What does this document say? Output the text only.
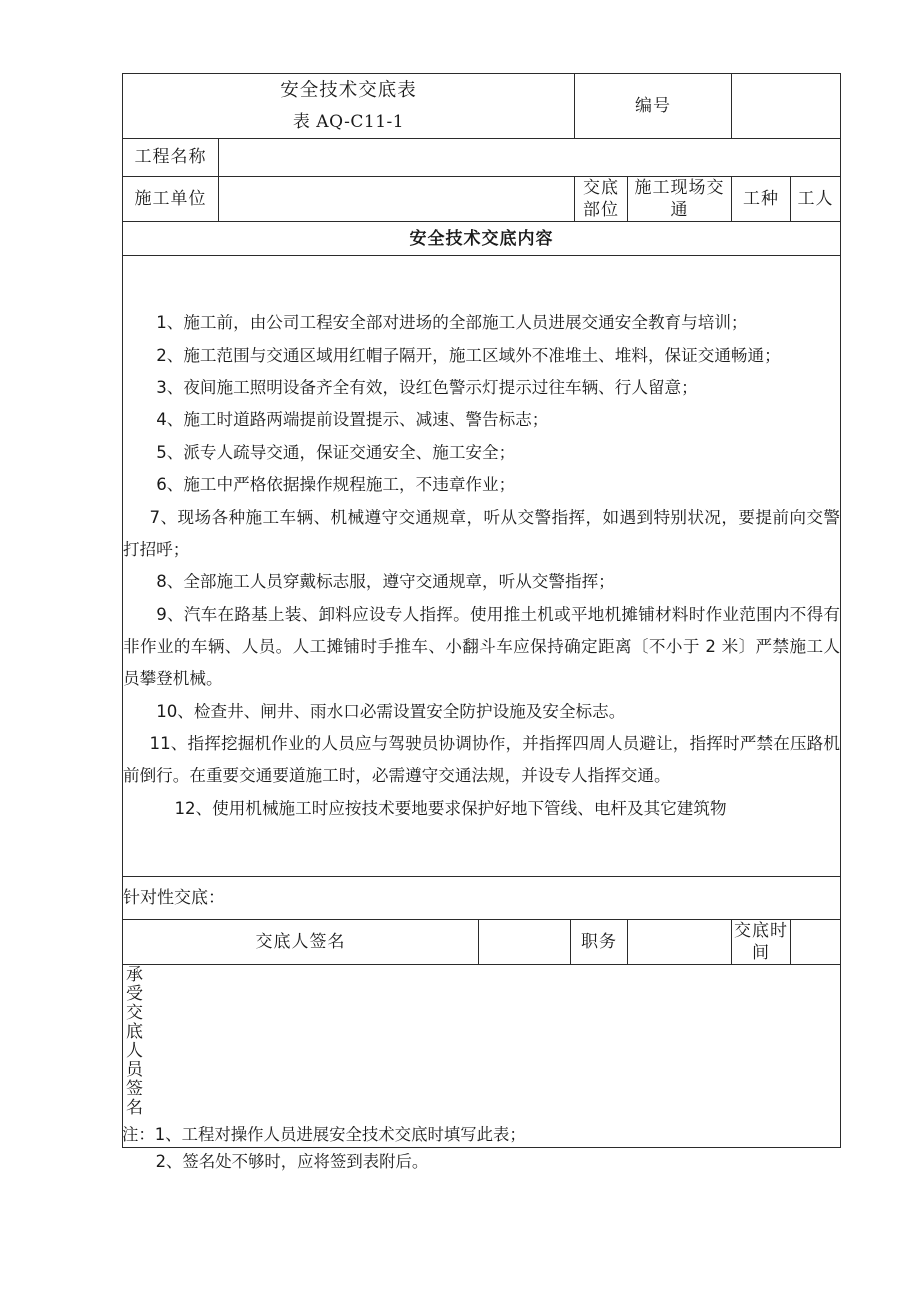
安全技术交底表
表 AQ-C11-1				编号			
工程名称							
施工单位				交底部位	施工现场交通	工种	工人
安全技术交底内容							

1、施工前，由公司工程安全部对进场的全部施工人员进展交通安全教育与培训；
2、施工范围与交通区域用红帽子隔开，施工区域外不准堆土、堆料，保证交通畅通；
3、夜间施工照明设备齐全有效，设红色警示灯提示过往车辆、行人留意；
4、施工时道路两端提前设置提示、减速、警告标志；
5、派专人疏导交通，保证交通安全、施工安全；
6、施工中严格依据操作规程施工，不违章作业；
7、现场各种施工车辆、机械遵守交通规章，听从交警指挥，如遇到特别状况，要提前向交警打招呼；
8、全部施工人员穿戴标志服，遵守交通规章，听从交警指挥；
9、汽车在路基上装、卸料应设专人指挥。使用推土机或平地机摊铺材料时作业范围内不得有非作业的车辆、人员。人工摊铺时手推车、小翻斗车应保持确定距离〔不小于 2 米〕严禁施工人员攀登机械。
10、检查井、闸井、雨水口必需设置安全防护设施及安全标志。
11、指挥挖掘机作业的人员应与驾驶员协调协作，并指挥四周人员避让，指挥时严禁在压路机前倒行。在重要交通要道施工时，必需遵守交通法规，并设专人指挥交通。
12、使用机械施工时应按技术要地要求保护好地下管线、电杆及其它建筑物

针对性交底：							
交底人签名			职务			交底时间	
承受交底人员签名							
注：1、工程对操作人员进展安全技术交底时填写此表；
2、签名处不够时，应将签到表附后。
